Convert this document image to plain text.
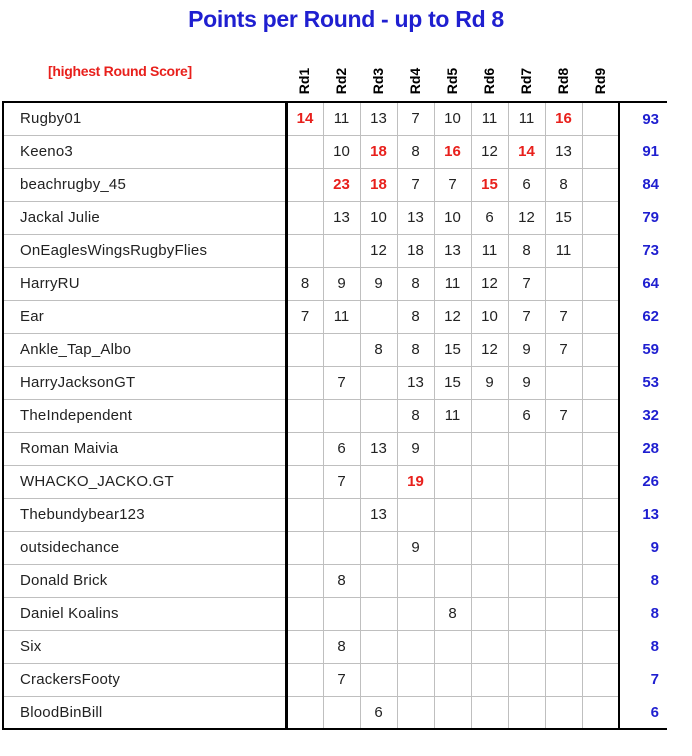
Points per Round - up to Rd 8
[highest Round Score]	Rd1 Rd2 Rd3 Rd4 Rd5 Rd6 Rd7 Rd8 Rd9
Rugby01	14	11	13	7	10	11	11	16		93
Keeno3		10	18	8	16	12	14	13		91
beachrugby_45		23	18	7	7	15	6	8		84
Jackal Julie		13	10	13	10	6	12	15		79
OnEaglesWingsRugbyFlies			12	18	13	11	8	11		73
HarryRU	8	9	9	8	11	12	7			64
Ear	7	11		8	12	10	7	7		62
Ankle_Tap_Albo			8	8	15	12	9	7		59
HarryJacksonGT		7		13	15	9	9			53
TheIndependent				8	11		6	7		32
Roman Maivia		6	13	9						28
WHACKO_JACKO.GT		7		19						26
Thebundybear123			13							13
outsidechance				9						9
Donald Brick		8								8
Daniel Koalins					8					8
Six		8								8
CrackersFooty		7								7
BloodBinBill			6							6
